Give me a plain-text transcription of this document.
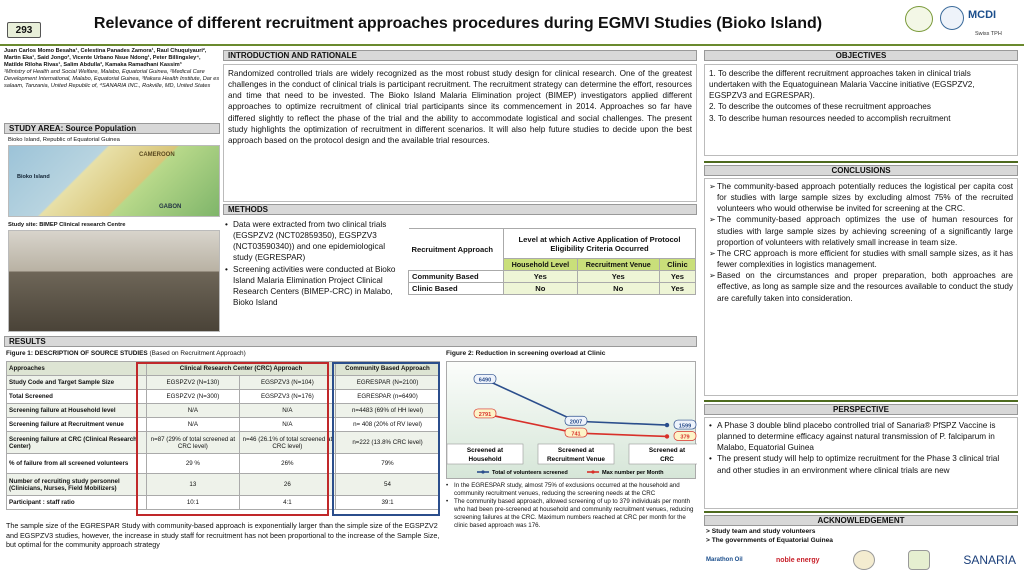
293	Relevance of different recruitment approaches procedures during EGMVI Studies (Bioko Island)	MCDI
Swiss TPH
Juan Carlos Momo Besaha¹, Celestina Panades Zamora¹, Raul Chuquiyauri², Martin Eka¹, Said Jongo³, Vicente Urbano Nsue Ndong¹, Peter Billingsley⁴, Matilde Riloha Rivas¹, Salim Abdulla³, Kamaka Ramadhani Kassim³
¹Ministry of Health and Social Welfare, Malabo, Equatorial Guinea, ²Medical Care Development International, Malabo, Equatorial Guinea, ³Ifakara Health Institute, Dar es salaam, Tanzania, United Republic of, ⁴SANARIA INC., Rokville, MD, United States
STUDY AREA: Source Population
Bioko Island, Republic of Equatorial Guinea
CAMEROON
Bioko Island
GABON
Study site: BIMEP Clinical research Centre
INTRODUCTION AND RATIONALE
Randomized controlled trials are widely recognized as the most robust study design for clinical research. One of the greatest challenges in the conduct of clinical trials is participant recruitment. The recruitment strategy can determine the effort, resources and time that need to be invested. The Bioko Island Malaria Elimination project (BIMEP) investigators applied different approaches to optimize recruitment of clinical trial participants since its commencement in 2014. Approaches so far have differed slightly to reflect the phase of the trial and the ability to accommodate logistical and social challenges. The present study highlights the optimization of recruitment in different scenarios. It will also help future studies to decide upon the best approach based on the protocol design and the available trial resources.
METHODS
• Data were extracted from two clinical trials (EGSPZV2 (NCT02859350), EGSPZV3 (NCT03590340)) and one epidemiological study (EGRESPAR)
• Screening activities were conducted at Bioko Island Malaria Elimination Project Clinical Research Centers (BIMEP-CRC) in Malabo, Bioko Island
Recruitment Approach	Level at which Active Application of Protocol Eligibility Criteria Occurred		
	Household Level	Recruitment Venue	Clinic
Community Based	Yes	Yes	Yes
Clinic Based	No	No	Yes
OBJECTIVES
1. To describe the different recruitment approaches taken in clinical trials undertaken with the Equatoguinean Malaria Vaccine initiative (EGSPZV2, EGSPZV3 and EGRESPAR).
2. To describe the outcomes of these recruitment approaches
3. To describe human resources needed to accomplish recruitment
CONCLUSIONS
➢ The community-based approach potentially reduces the logistical per capita cost for studies with large sample sizes by excluding almost 75% of the recruited volunteers who would otherwise be invited for screening at the CRC.
➢ The community-based approach optimizes the use of human resources for studies with large sample sizes by achieving screening of a significantly large proportion of volunteers with relatively small increase in team size.
➢ The CRC approach is more efficient for studies with small sample sizes, as it has fewer complexities in logistics management.
➢ Based on the circumstances and proper preparation, both approaches are effective, as long as sample size and the resources available to conduct the study are carefully taken into consideration.
PERSPECTIVE
• A Phase 3 double blind placebo controlled trial of Sanaria® PfSPZ Vaccine is planned to determine efficacy against natural transmission of P. falciparum in Malabo, Equatorial Guinea
• The present study will help to optimize recruitment for the Phase 3 clinical trial and other studies in an environment where clinical trials are new
ACKNOWLEDGEMENT
> Study team and study volunteers
> The governments of Equatorial Guinea
Marathon Oil	noble energy	SANARIA
RESULTS
Figure 1: DESCRIPTION OF SOURCE STUDIES (Based on Recruitment Approach)
Approaches	Clinical Research Center (CRC) Approach		Community Based Approach
Study Code and Target Sample Size	EGSPZV2 (N=130)	EGSPZV3 (N=104)	EGRESPAR (N=2100)
Total Screened	EGSPZV2 (N=300)	EGSPZV3 (N=176)	EGRESPAR (n=6490)
Screening failure at Household level	N/A	N/A	n=4483 (69% of HH level)
Screening failure at Recruitment venue	N/A	N/A	n= 408 (20% of RV level)
Screening failure at CRC (Clinical Research Center)	n=87 (29% of total screened at CRC level)	n=46 (26.1% of total screened at CRC level)	n=222 (13.8% CRC level)
% of failure from all screened volunteers	29 %	26%	79%
Number of recruiting study personnel (Clinicians, Nurses, Field Mobilizers)	13	26	54
Participant : staff ratio	10:1	4:1	39:1
The sample size of the EGRESPAR Study with community-based approach is exponentially larger than the simple size of the EGSPZV2 and EGSPZV3 studies, however, the increase in study staff for recruitment has not been proportional to the increase of the Sample Size, but optimal for the community approach strategy
Figure 2: Reduction in screening overload at Clinic
Screened at
Household
Screened at
Recruitment Venue
Screened at
CRC
6490
2007
1599
2791
741
379
Total of volunteers screened	Max number per Month
• In the EGRESPAR study, almost 75% of exclusions occurred at the household and community recruitment venues, reducing the screening needs at the CRC
• The community based approach, allowed screening of up to 379 individuals per month who had been pre-screened at household and community recruitment venues, reducing screening failures at the CRC. Maximum numbers reached at CRC per month for the clinic based approach was 176.
